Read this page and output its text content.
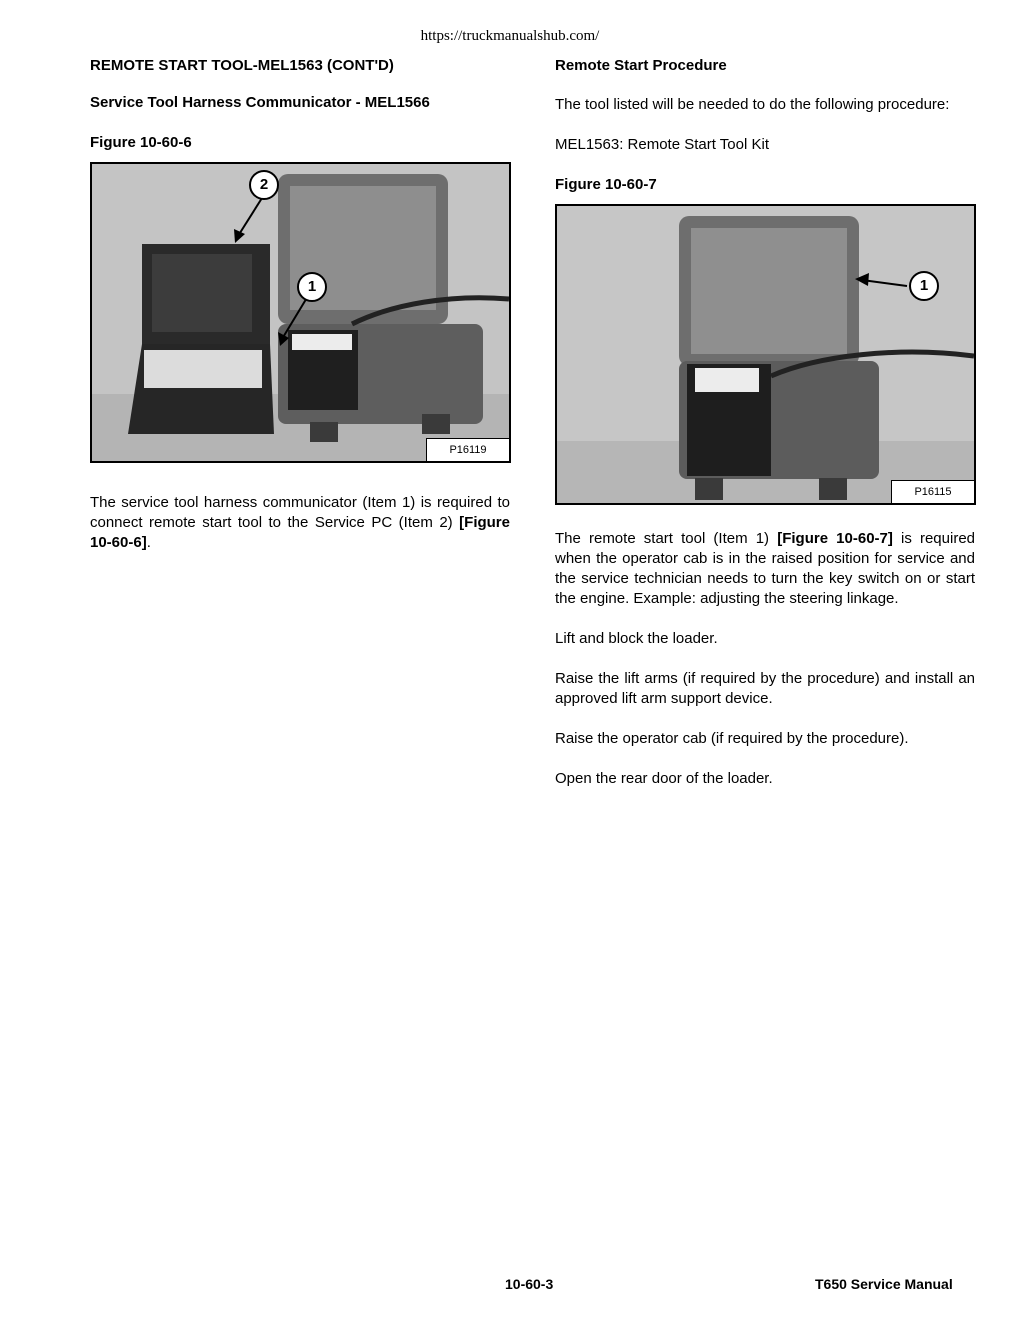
https://truckmanualshub.com/
REMOTE START TOOL-MEL1563 (CONT'D)
Service Tool Harness Communicator - MEL1566
Figure 10-60-6
1
2
P16119

The service tool harness communicator (Item 1) is required to connect remote start tool to the Service PC (Item 2) [Figure 10-60-6].

Remote Start Procedure

The tool listed will be needed to do the following procedure:

MEL1563: Remote Start Tool Kit

Figure 10-60-7
1
P16115

The remote start tool (Item 1) [Figure 10-60-7] is required when the operator cab is in the raised position for service and the service technician needs to turn the key switch on or start the engine. Example: adjusting the steering linkage.

Lift and block the loader.

Raise the lift arms (if required by the procedure) and install an approved lift arm support device.

Raise the operator cab (if required by the procedure).

Open the rear door of the loader.

10-60-3	T650 Service Manual
